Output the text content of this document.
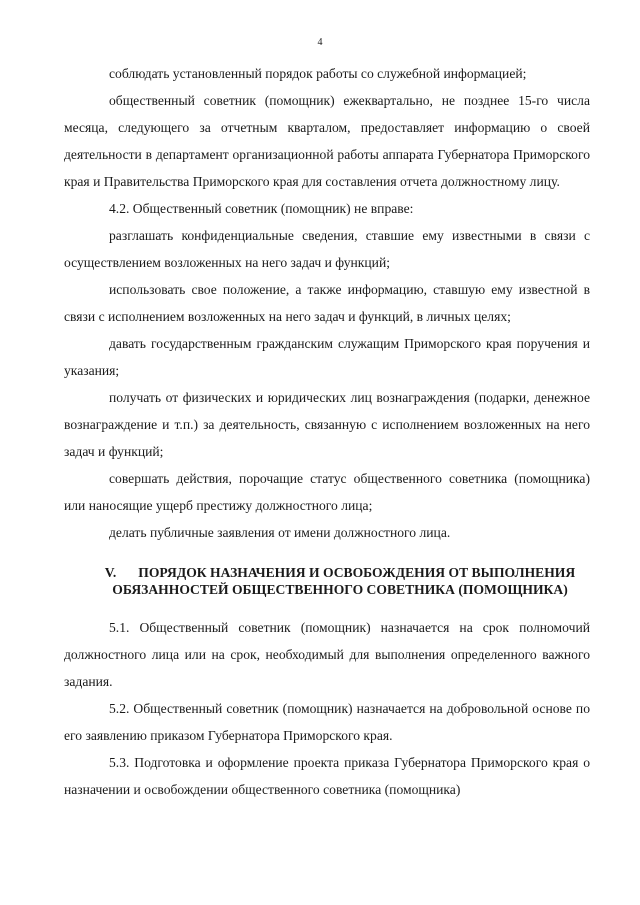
4

соблюдать установленный порядок работы со служебной информацией;

общественный советник (помощник) ежеквартально, не позднее 15-го числа месяца, следующего за отчетным кварталом, предоставляет информацию о своей деятельности в департамент организационной работы аппарата Губернатора Приморского края и Правительства Приморского края для составления отчета должностному лицу.

4.2. Общественный советник (помощник) не вправе:

разглашать конфиденциальные сведения, ставшие ему известными в связи с осуществлением возложенных на него задач и функций;

использовать свое положение, а также информацию, ставшую ему известной в связи с исполнением возложенных на него задач и функций, в личных целях;

давать государственным гражданским служащим Приморского края поручения и указания;

получать от физических и юридических лиц вознаграждения (подарки, денежное вознаграждение и т.п.) за деятельность, связанную с исполнением возложенных на него задач и функций;

совершать действия, порочащие статус общественного советника (помощника) или наносящие ущерб престижу должностного лица;

делать публичные заявления от имени должностного лица.

V. ПОРЯДОК НАЗНАЧЕНИЯ И ОСВОБОЖДЕНИЯ ОТ ВЫПОЛНЕНИЯ ОБЯЗАННОСТЕЙ ОБЩЕСТВЕННОГО СОВЕТНИКА (ПОМОЩНИКА)

5.1. Общественный советник (помощник) назначается на срок полномочий должностного лица или на срок, необходимый для выполнения определенного важного задания.

5.2. Общественный советник (помощник) назначается на добровольной основе по его заявлению приказом Губернатора Приморского края.

5.3. Подготовка и оформление проекта приказа Губернатора Приморского края о назначении и освобождении общественного советника (помощника)
